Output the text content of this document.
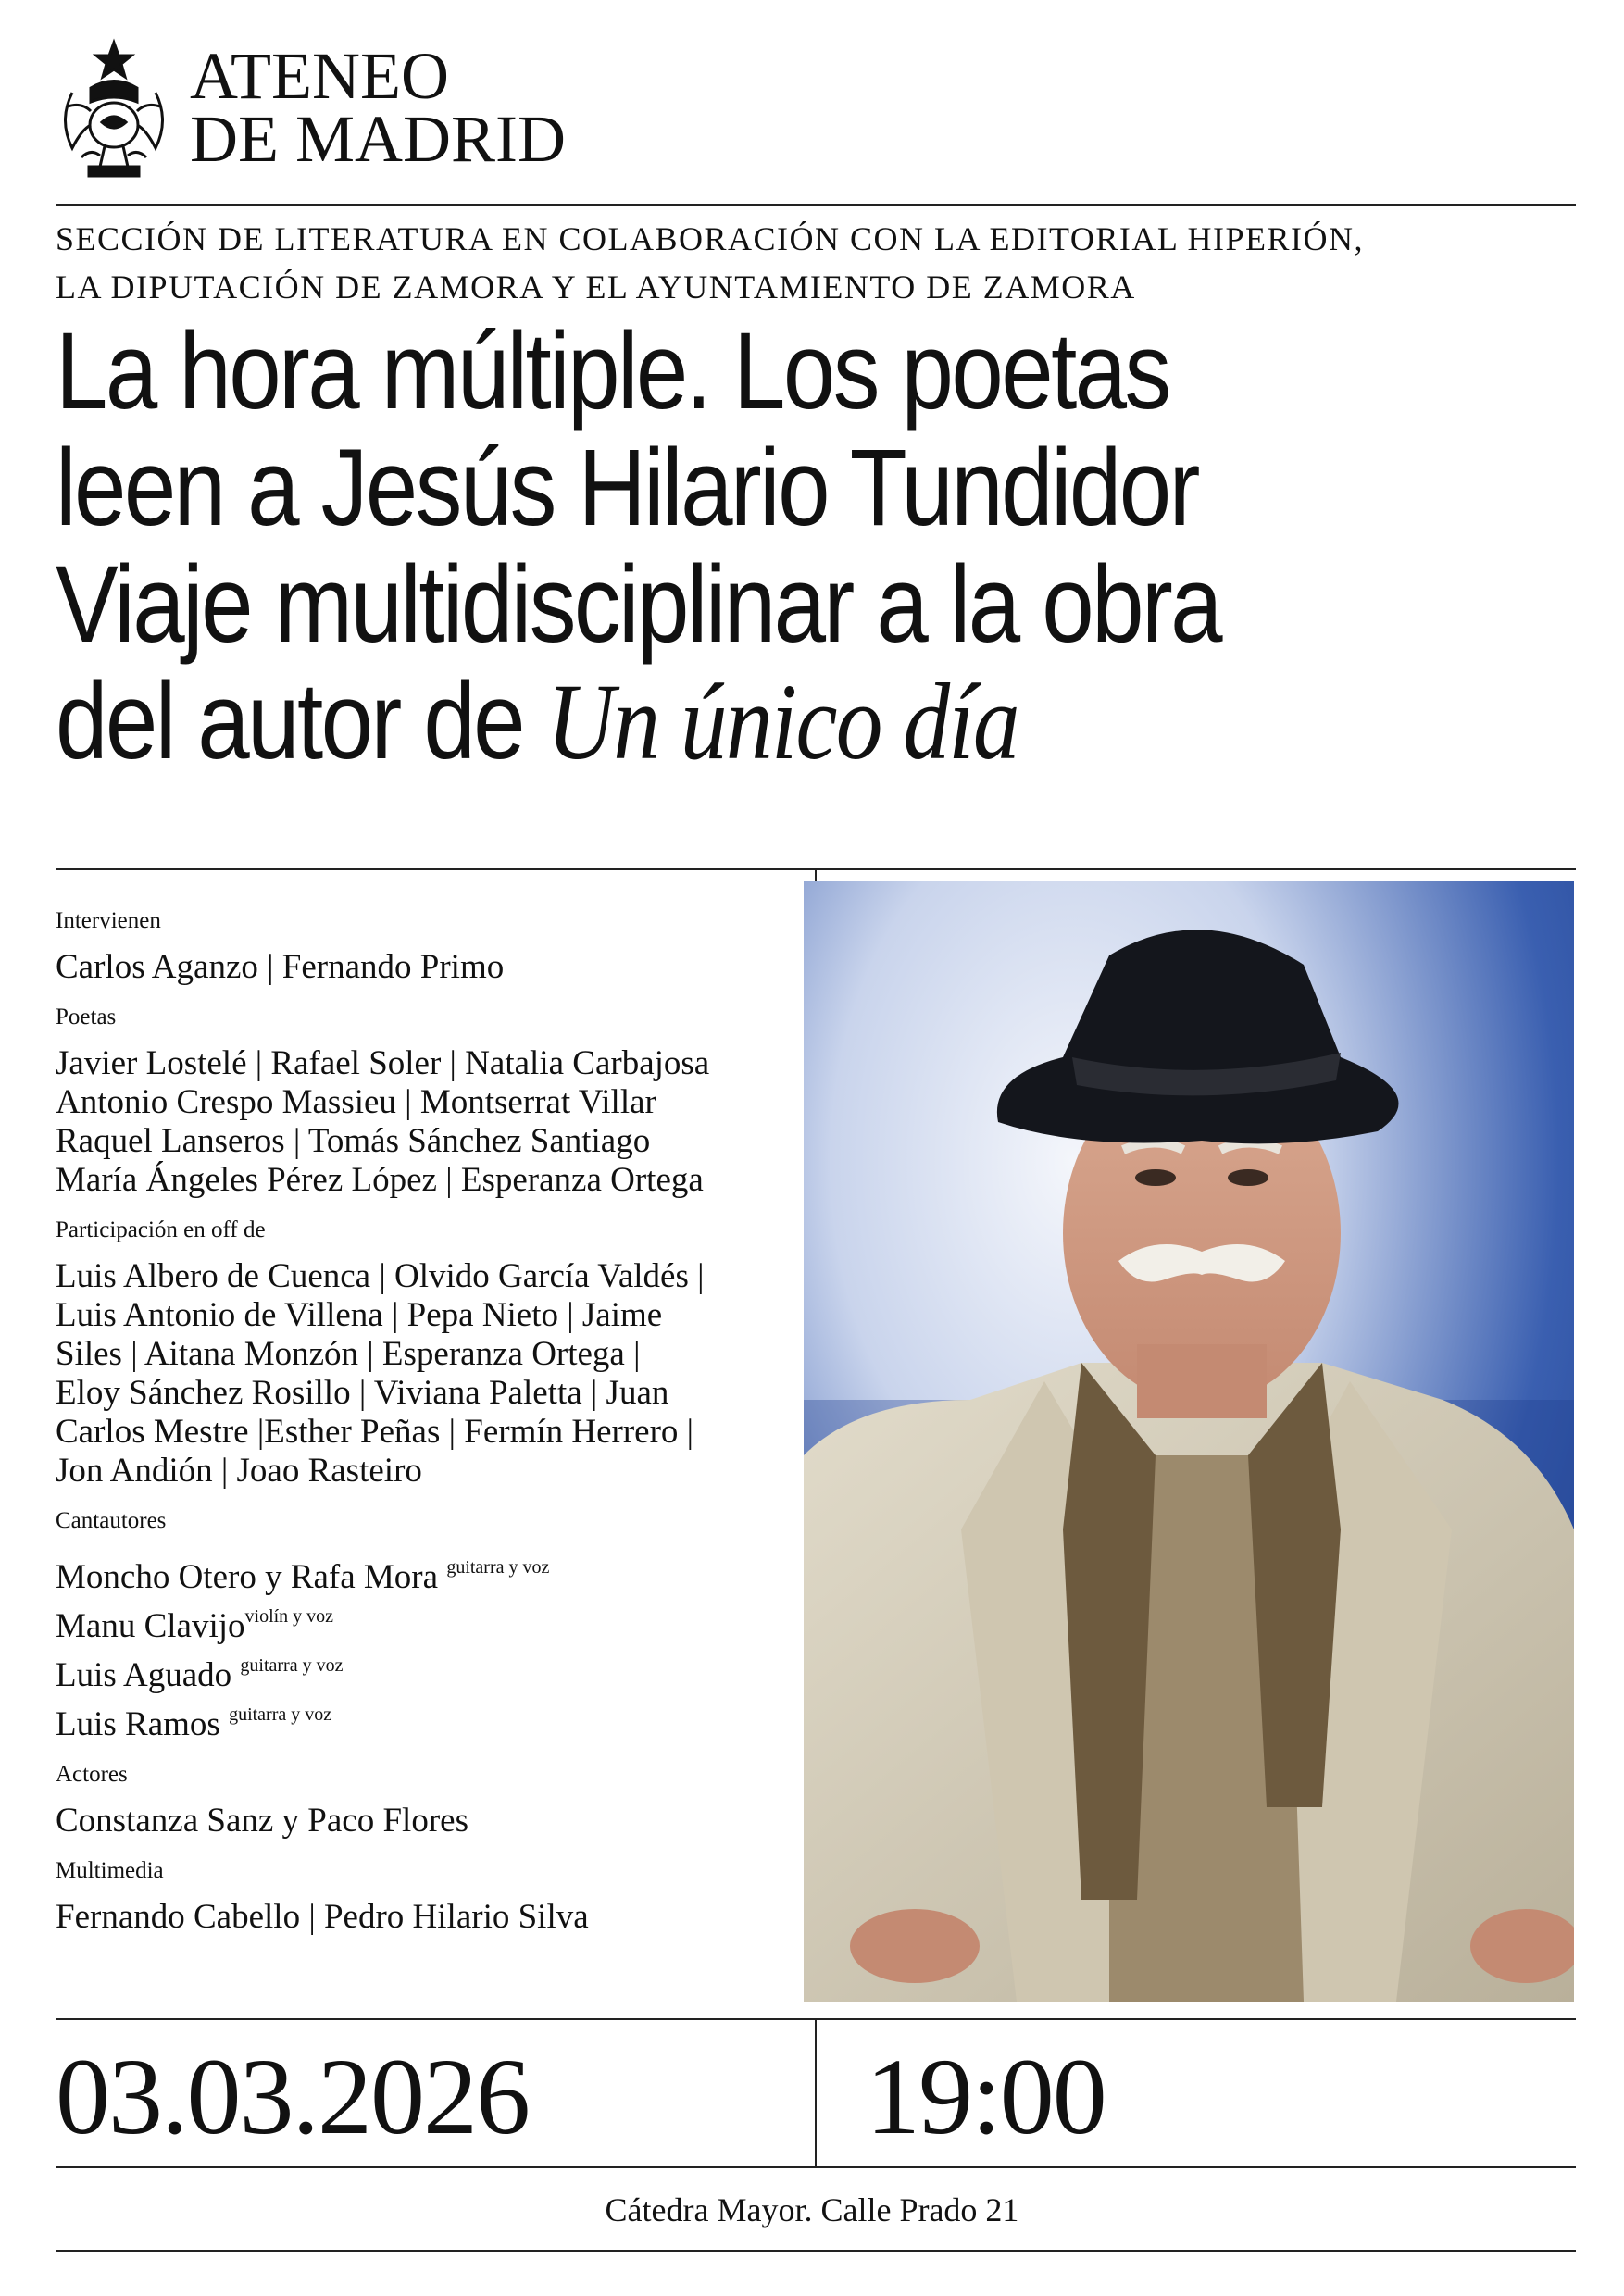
ATENEO
DE MADRID
SECCIÓN DE LITERATURA EN COLABORACIÓN CON LA EDITORIAL HIPERIÓN,
LA DIPUTACIÓN DE ZAMORA Y EL AYUNTAMIENTO DE ZAMORA
La hora múltiple. Los poetas
leen a Jesús Hilario Tundidor
Viaje multidisciplinar a la obra
del autor de Un único día
Intervienen
Carlos Aganzo | Fernando Primo
Poetas
Javier Lostelé | Rafael Soler | Natalia Carbajosa
Antonio Crespo Massieu | Montserrat Villar
Raquel Lanseros | Tomás Sánchez Santiago
María Ángeles Pérez López | Esperanza Ortega
Participación en off de
Luis Albero de Cuenca | Olvido García Valdés |
Luis Antonio de Villena | Pepa Nieto | Jaime
Siles | Aitana Monzón | Esperanza Ortega |
Eloy Sánchez Rosillo | Viviana Paletta | Juan
Carlos Mestre |Esther Peñas | Fermín Herrero |
Jon Andión | Joao Rasteiro
Cantautores
Moncho Otero y Rafa Mora $^{guitarra y voz}$
Manu Clavijo$^{violín y voz}$
Luis Aguado $^{guitarra y voz}$
Luis Ramos $^{guitarra y voz}$
Actores
Constanza Sanz y Paco Flores
Multimedia
Fernando Cabello | Pedro Hilario Silva
03.03.2026	19:00
Cátedra Mayor. Calle Prado 21
